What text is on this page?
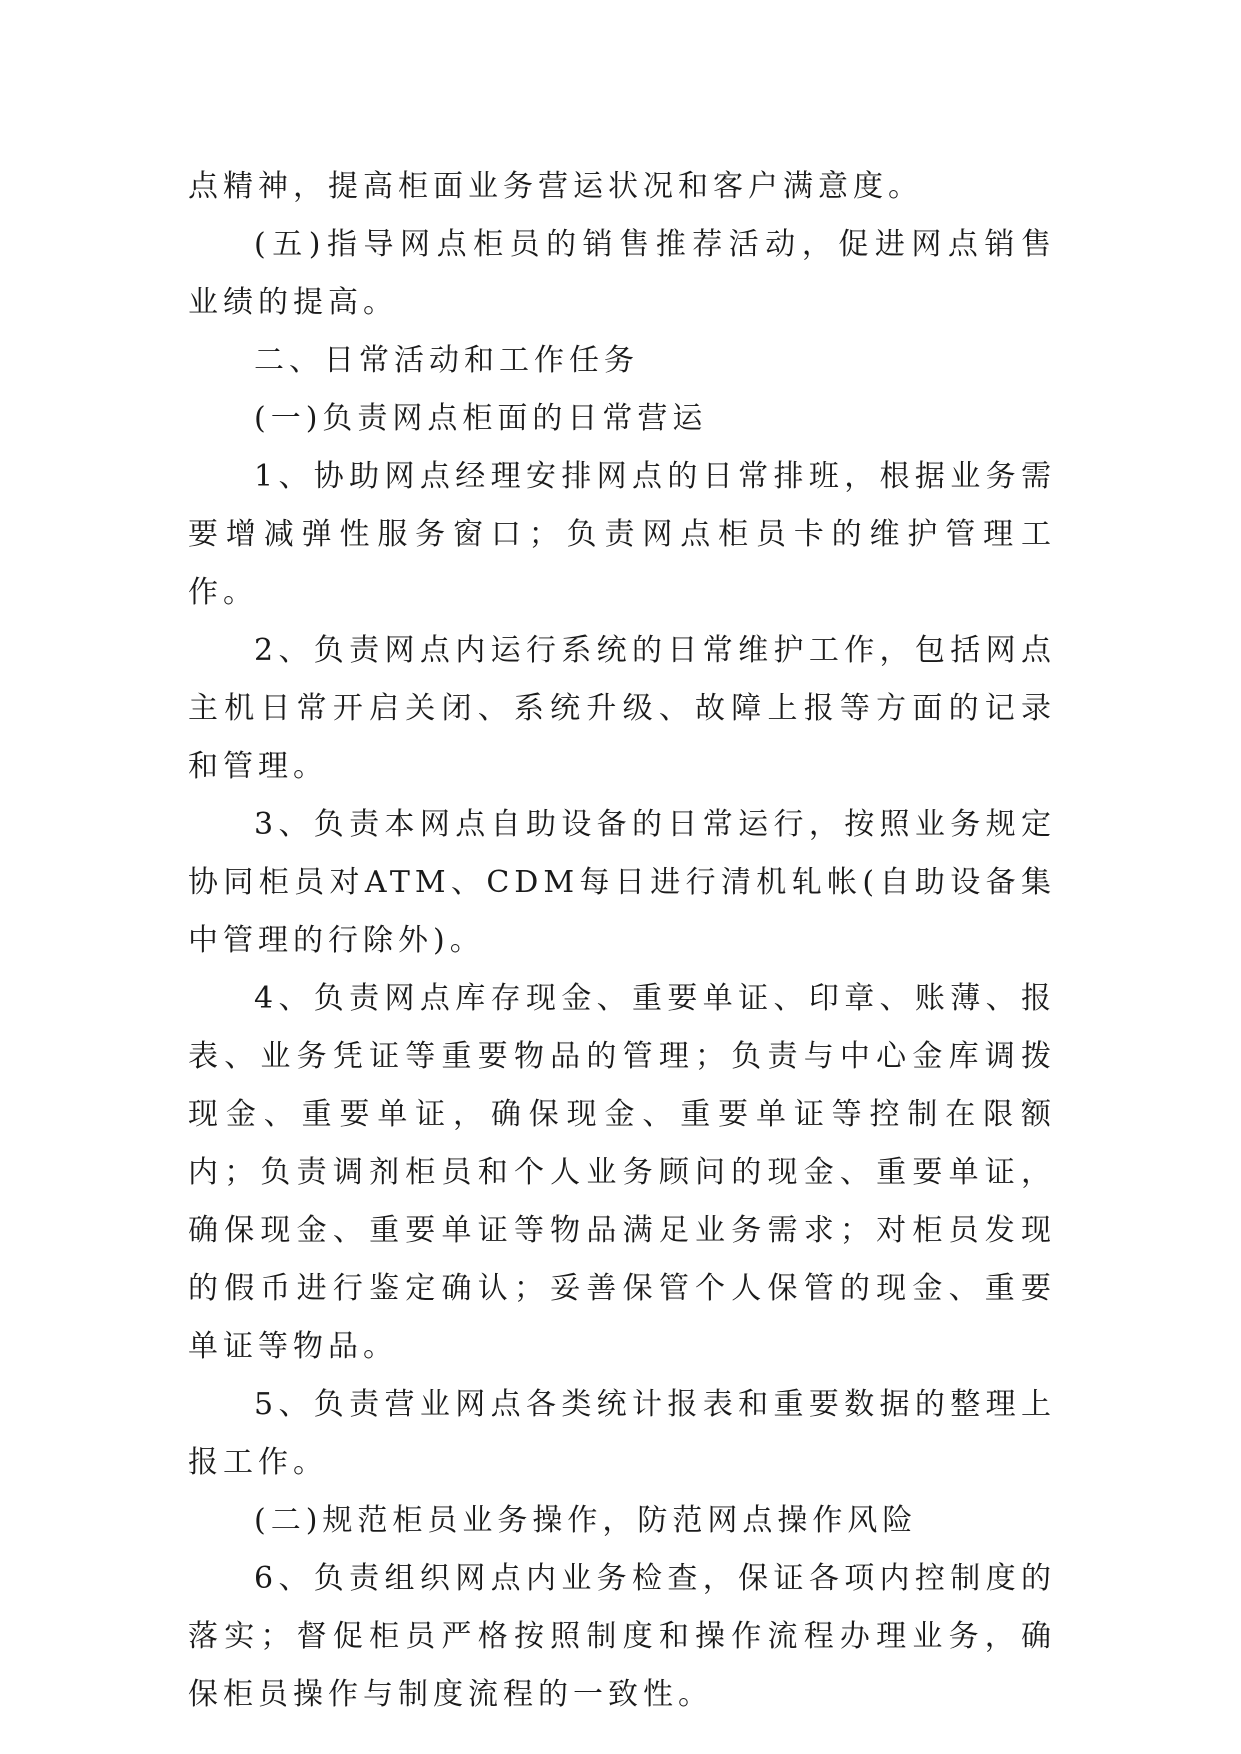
点精神，提高柜面业务营运状况和客户满意度。

(五)指导网点柜员的销售推荐活动，促进网点销售业绩的提高。

二、日常活动和工作任务

(一)负责网点柜面的日常营运

1、协助网点经理安排网点的日常排班，根据业务需要增减弹性服务窗口；负责网点柜员卡的维护管理工作。

2、负责网点内运行系统的日常维护工作，包括网点主机日常开启关闭、系统升级、故障上报等方面的记录和管理。

3、负责本网点自助设备的日常运行，按照业务规定协同柜员对ATM、CDM每日进行清机轧帐(自助设备集中管理的行除外)。

4、负责网点库存现金、重要单证、印章、账薄、报表、业务凭证等重要物品的管理；负责与中心金库调拨现金、重要单证，确保现金、重要单证等控制在限额内；负责调剂柜员和个人业务顾问的现金、重要单证，确保现金、重要单证等物品满足业务需求；对柜员发现的假币进行鉴定确认；妥善保管个人保管的现金、重要单证等物品。

5、负责营业网点各类统计报表和重要数据的整理上报工作。

(二)规范柜员业务操作，防范网点操作风险

6、负责组织网点内业务检查，保证各项内控制度的落实；督促柜员严格按照制度和操作流程办理业务，确保柜员操作与制度流程的一致性。
